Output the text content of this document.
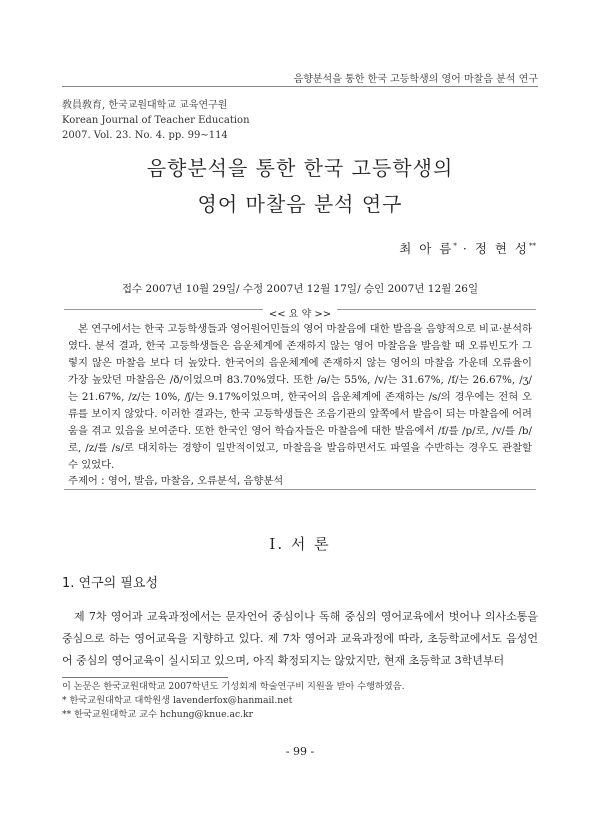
음향분석을 통한 한국 고등학생의 영어 마찰음 분석 연구
敎員敎育, 한국교원대학교 교육연구원
Korean Journal of Teacher Education
2007. Vol. 23. No. 4. pp. 99∼114
음향분석을 통한 한국 고등학생의
영어 마찰음 분석 연구
최 아 름* · 정 현 성**
접수 2007년 10월 29일/ 수정 2007년 12월 17일/ 승인 2007년 12월 26일
<< 요 약 >>
본 연구에서는 한국 고등학생들과 영어원어민들의 영어 마찰음에 대한 발음을 음향적으로 비교·분석하였다. 분석 결과, 한국 고등학생들은 음운체계에 존재하지 않는 영어 마찰음을 발음할 때 오류빈도가 그렇지 않은 마찰음 보다 더 높았다. 한국어의 음운체계에 존재하지 않는 영어의 마찰음 가운데 오류율이 가장 높았던 마찰음은 /ð/이었으며 83.70%였다. 또한 /ə/는 55%, /v/는 31.67%, /f/는 26.67%, /ʒ/는 21.67%, /z/는 10%, /ʃ/는 9.17%이었으며, 한국어의 음운체계에 존재하는 /s/의 경우에는 전혀 오류를 보이지 않았다. 이러한 결과는, 한국 고등학생들은 조음기관의 앞쪽에서 발음이 되는 마찰음에 어려움을 겪고 있음을 보여준다. 또한 한국인 영어 학습자들은 마찰음에 대한 발음에서 /f/를 /p/로, /v/를 /b/로, /z/를 /s/로 대치하는 경향이 일반적이었고, 마찰음을 발음하면서도 파열을 수반하는 경우도 관찰할 수 있었다.
주제어 : 영어, 발음, 마찰음, 오류분석, 음향분석
Ⅰ. 서 론
1. 연구의 필요성
제 7차 영어과 교육과정에서는 문자언어 중심이나 독해 중심의 영어교육에서 벗어나 의사소통을 중심으로 하는 영어교육을 지향하고 있다. 제 7차 영어과 교육과정에 따라, 초등학교에서도 음성언어 중심의 영어교육이 실시되고 있으며, 아직 확정되지는 않았지만, 현재 초등학교 3학년부터
이 논문은 한국교원대학교 2007학년도 기성회계 학술연구비 지원을 받아 수행하였음.
* 한국교원대학교 대학원생 lavenderfox@hanmail.net
** 한국교원대학교 교수 hchung@knue.ac.kr
- 99 -
